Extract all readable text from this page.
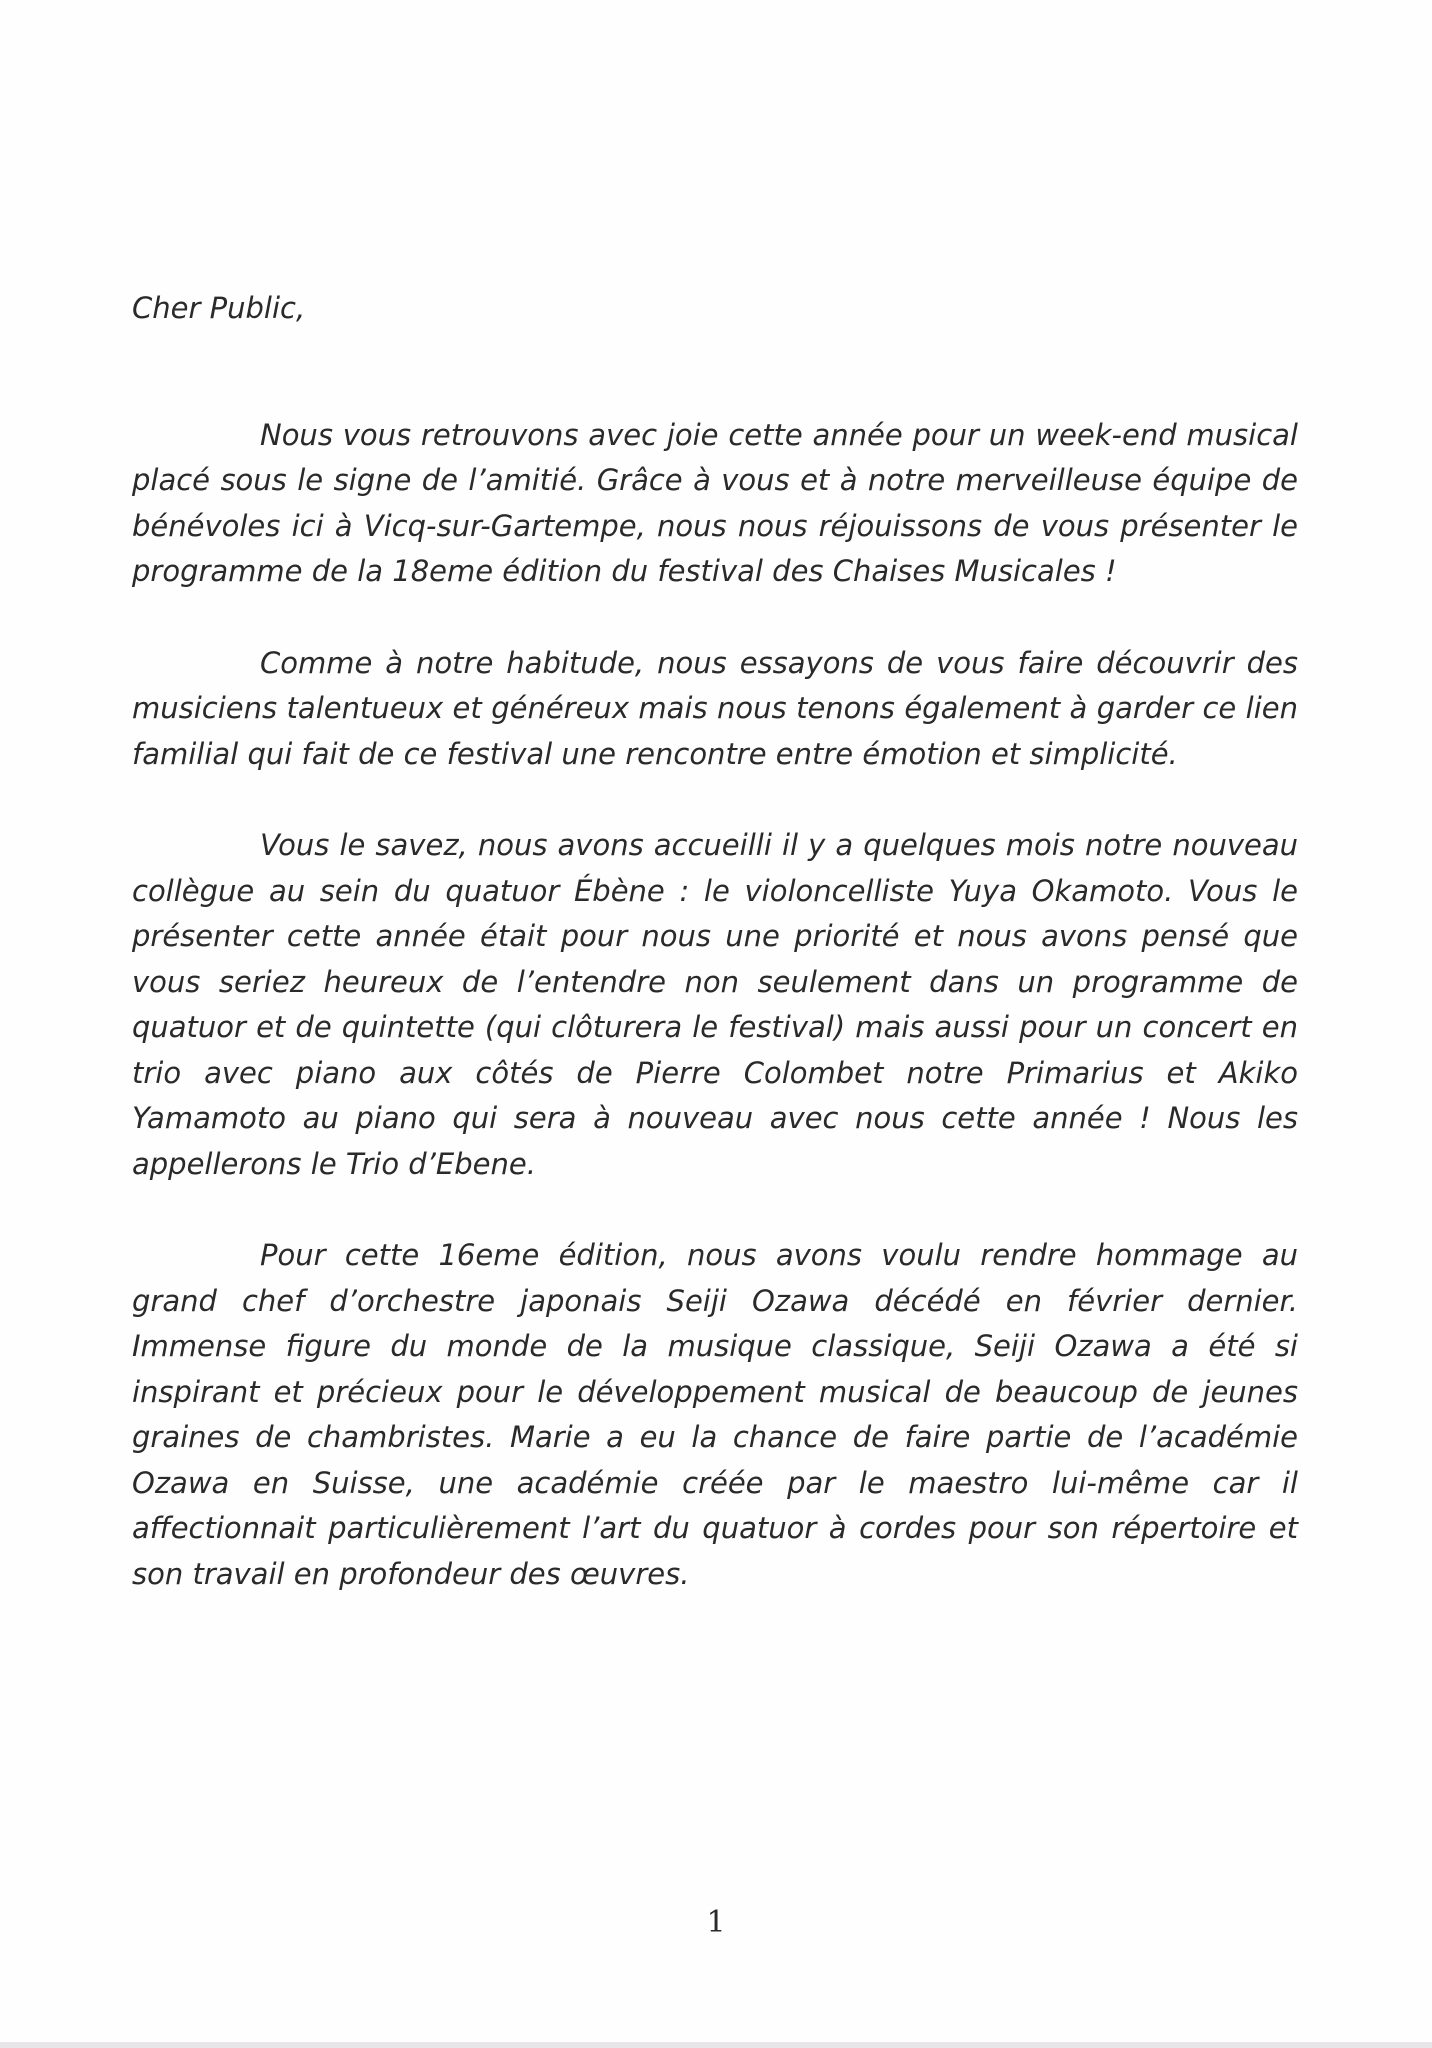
Cher Public,

Nous vous retrouvons avec joie cette année pour un week-end musical placé sous le signe de l’amitié. Grâce à vous et à notre merveilleuse équipe de bénévoles ici à Vicq-sur-Gartempe, nous nous réjouissons de vous présenter le programme de la 18eme édition du festival des Chaises Musicales !

Comme à notre habitude, nous essayons de vous faire découvrir des musiciens talentueux et généreux mais nous tenons également à garder ce lien familial qui fait de ce festival une rencontre entre émotion et simplicité.

Vous le savez, nous avons accueilli il y a quelques mois notre nouveau collègue au sein du quatuor Ébène : le violoncelliste Yuya Okamoto. Vous le présenter cette année était pour nous une priorité et nous avons pensé que vous seriez heureux de l’entendre non seulement dans un programme de quatuor et de quintette (qui clôturera le festival) mais aussi pour un concert en trio avec piano aux côtés de Pierre Colombet notre Primarius et Akiko Yamamoto au piano qui sera à nouveau avec nous cette année ! Nous les appellerons le Trio d’Ebene.

Pour cette 16eme édition, nous avons voulu rendre hommage au grand chef d’orchestre japonais Seiji Ozawa décédé en février dernier. Immense figure du monde de la musique classique, Seiji Ozawa a été si inspirant et précieux pour le développement musical de beaucoup de jeunes graines de chambristes. Marie a eu la chance de faire partie de l’académie Ozawa en Suisse, une académie créée par le maestro lui-même car il affectionnait particulièrement l’art du quatuor à cordes pour son répertoire et son travail en profondeur des œuvres.

1
